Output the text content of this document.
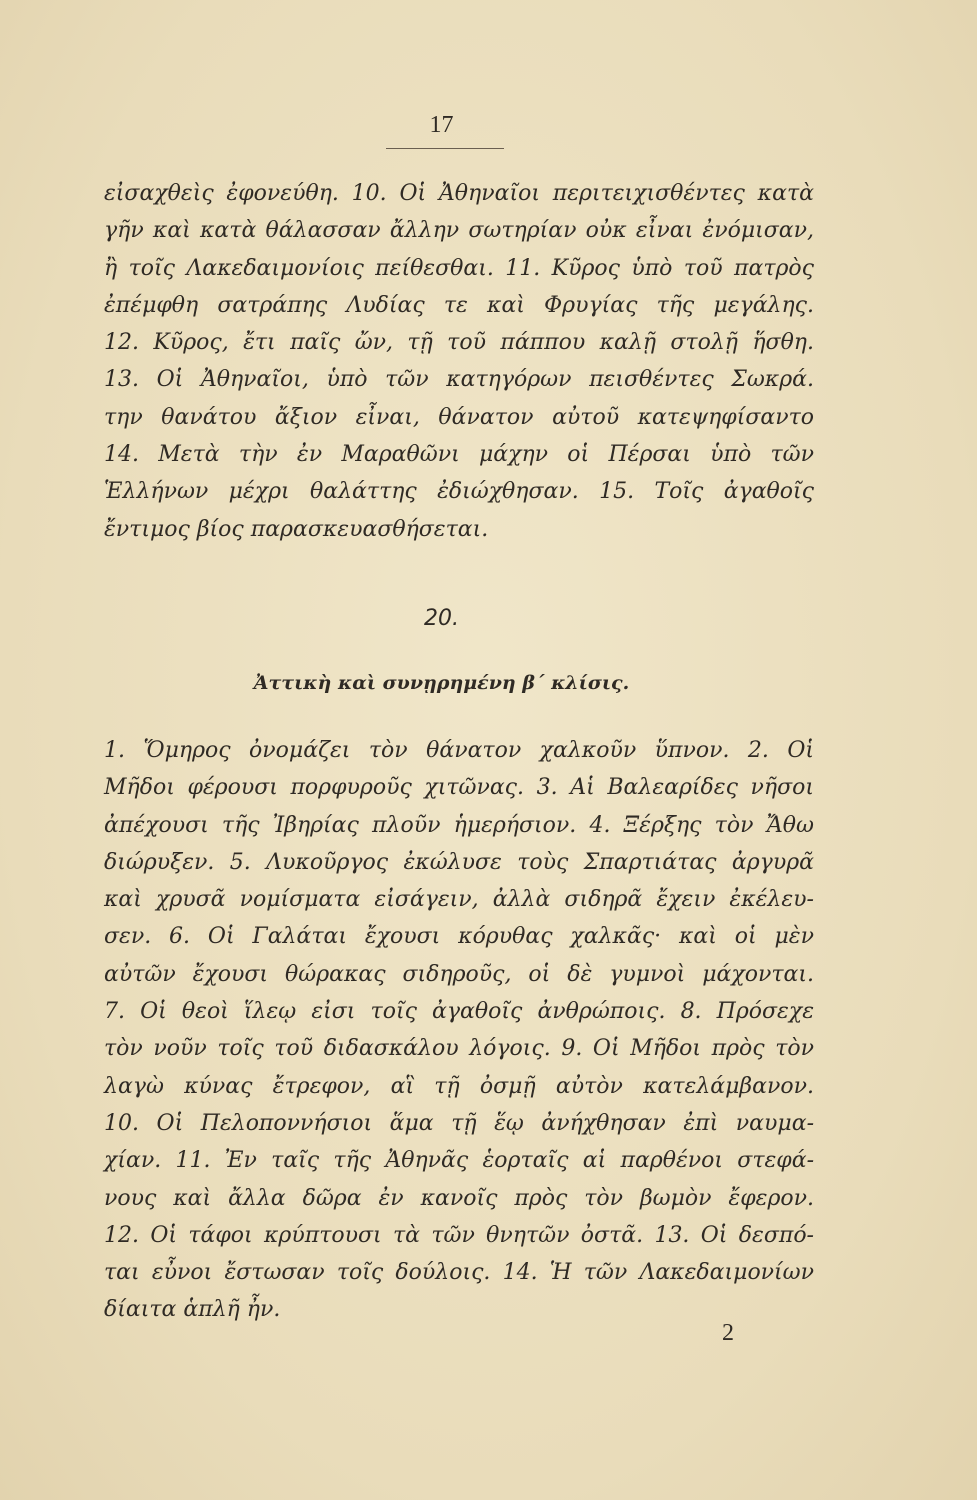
17
εἰσαχθεὶς ἐφονεύθη. 10. Οἱ Ἀθηναῖοι περιτειχισθέντες κατὰ
γῆν καὶ κατὰ θάλασσαν ἄλλην σωτηρίαν οὐκ εἶναι ἐνόμισαν,
ἢ τοῖς Λακεδαιμονίοις πείθεσθαι. 11. Κῦρος ὑπὸ τοῦ πατρὸς
ἐπέμφθη σατράπης Λυδίας τε καὶ Φρυγίας τῆς μεγάλης.
12. Κῦρος, ἔτι παῖς ὤν, τῇ τοῦ πάππου καλῇ στολῇ ἥσθη.
13. Οἱ Ἀθηναῖοι, ὑπὸ τῶν κατηγόρων πεισθέντες Σωκρά.
την θανάτου ἄξιον εἶναι, θάνατον αὐτοῦ κατεψηφίσαντο
14. Μετὰ τὴν ἐν Μαραθῶνι μάχην οἱ Πέρσαι ὑπὸ τῶν
Ἑλλήνων μέχρι θαλάττης ἐδιώχθησαν. 15. Τοῖς ἀγαθοῖς
ἔντιμος βίος παρασκευασθήσεται.
20.
Ἀττικὴ καὶ συνῃρημένη β΄ κλίσις.
1. Ὅμηρος ὀνομάζει τὸν θάνατον χαλκοῦν ὕπνον. 2. Οἱ
Μῆδοι φέρουσι πορφυροῦς χιτῶνας. 3. Αἱ Βαλεαρίδες νῆσοι
ἀπέχουσι τῆς Ἰβηρίας πλοῦν ἡμερήσιον. 4. Ξέρξης τὸν Ἄθω
διώρυξεν. 5. Λυκοῦργος ἐκώλυσε τοὺς Σπαρτιάτας ἀργυρᾶ
καὶ χρυσᾶ νομίσματα εἰσάγειν, ἀλλὰ σιδηρᾶ ἔχειν ἐκέλευ-
σεν. 6. Οἱ Γαλάται ἔχουσι κόρυθας χαλκᾶς· καὶ οἱ μὲν
αὐτῶν ἔχουσι θώρακας σιδηροῦς, οἱ δὲ γυμνοὶ μάχονται.
7. Οἱ θεοὶ ἵλεῳ εἰσι τοῖς ἀγαθοῖς ἀνθρώποις. 8. Πρόσεχε
τὸν νοῦν τοῖς τοῦ διδασκάλου λόγοις. 9. Οἱ Μῆδοι πρὸς τὸν
λαγὼ κύνας ἔτρεφον, αἳ τῇ ὀσμῇ αὐτὸν κατελάμβανον.
10. Οἱ Πελοποννήσιοι ἅμα τῇ ἕῳ ἀνήχθησαν ἐπὶ ναυμα-
χίαν. 11. Ἐν ταῖς τῆς Ἀθηνᾶς ἑορταῖς αἱ παρθένοι στεφά-
νους καὶ ἄλλα δῶρα ἐν κανοῖς πρὸς τὸν βωμὸν ἔφερον.
12. Οἱ τάφοι κρύπτουσι τὰ τῶν θνητῶν ὀστᾶ. 13. Οἱ δεσπό-
ται εὖνοι ἔστωσαν τοῖς δούλοις. 14. Ἡ τῶν Λακεδαιμονίων
δίαιτα ἁπλῆ ἦν.
2
